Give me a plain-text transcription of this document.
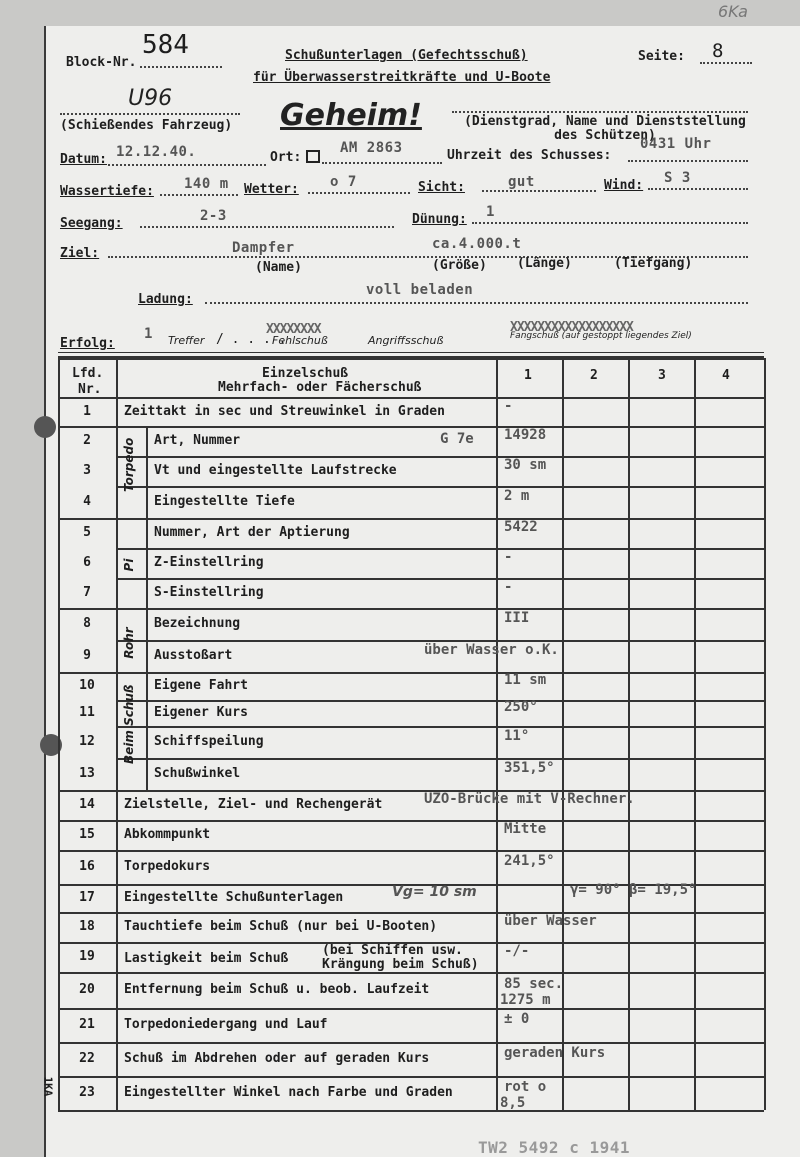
6Ka
Block-Nr.
584	Schußunterlagen (Gefechtsschuß)
für Überwasserstreitkräfte und U-Boote
Seite: 8
U96
(Schießendes Fahrzeug) Geheim!	(Dienstgrad, Name und Dienststellung des Schützen)
Datum: 12.12.40.	Ort:
AM 2863	Uhrzeit des Schusses:
0431 Uhr
Wassertiefe: 140 m Wetter: o 7	Sicht:	gut	Wind: S 3
Seegang:	2-3	Dünung: 1
Ziel:	Dampfer	ca.4.000.t
(Name)	(Größe) (Länge)	(Tiefgang)
Ladung:
voll beladen
Erfolg:
1 Treffer / . . . .
XXXXXXXX
Fehlschuß	Angriffsschuß
XXXXXXXXXXXXXXXXXX
Fangschuß (auf gestoppt liegendes Ziel)
Lfd.
Nr.
Einzelschuß
Mehrfach- oder Fächerschuß
1	2	3	4
Torpedo
Pi
Rohr
Beim Schuß
1	Zeittakt in sec und Streuwinkel in Graden	-
2	Art, Nummer	G 7e 14928
3	Vt und eingestellte Laufstrecke	30 sm
4	Eingestellte Tiefe	2 m
5	Nummer, Art der Aptierung	5422
6	Z-Einstellring	-
7	S-Einstellring	-
8	Bezeichnung	III
9	Ausstoßart	über Wasser o.K.
10	Eigene Fahrt	11 sm
11	Eigener Kurs	250°
12	Schiffspeilung	11°
13	Schußwinkel	351,5°
14	Zielstelle, Ziel- und Rechengerät	UZO-Brücke mit V-Rechner.
15	Abkommpunkt	Mitte
16	Torpedokurs	241,5°
17	Eingestellte Schußunterlagen	Vg= 10 sm	γ= 90° β= 19,5°
18	Tauchtiefe beim Schuß (nur bei U-Booten)	über Wasser
19	Lastigkeit beim Schuß
(bei Schiffen usw.
Krängung beim Schuß)
-/-
20	Entfernung beim Schuß u. beob. Laufzeit	85 sec.
1275 m
21	Torpedoniedergang und Lauf	± 0
22	Schuß im Abdrehen oder auf geraden Kurs	geraden Kurs
23	Eingestellter Winkel nach Farbe und Graden	rot o
8,5
1KA
TW2 5492 c 1941
